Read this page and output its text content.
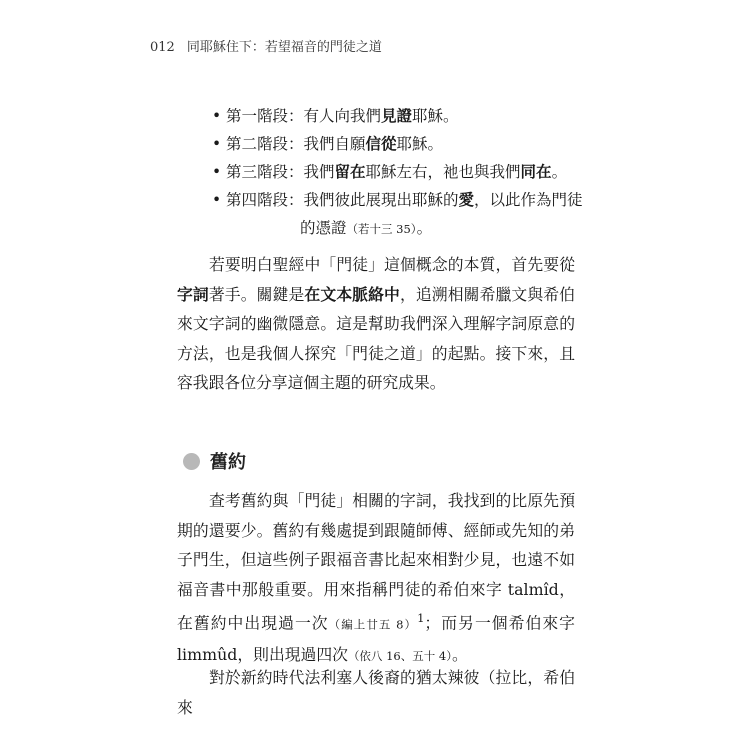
012 同耶穌住下：若望福音的門徒之道
• 第一階段：有人向我們見證耶穌。
• 第二階段：我們自願信從耶穌。
• 第三階段：我們留在耶穌左右，祂也與我們同在。
• 第四階段：我們彼此展現出耶穌的愛，以此作為門徒
的憑證（若十三 35）。

若要明白聖經中「門徒」這個概念的本質，首先要從字詞著手。關鍵是在文本脈絡中，追溯相關希臘文與希伯來文字詞的幽微隱意。這是幫助我們深入理解字詞原意的方法，也是我個人探究「門徒之道」的起點。接下來，且容我跟各位分享這個主題的研究成果。

舊約

查考舊約與「門徒」相關的字詞，我找到的比原先預期的還要少。舊約有幾處提到跟隨師傅、經師或先知的弟子門生，但這些例子跟福音書比起來相對少見，也遠不如福音書中那般重要。用來指稱門徒的希伯來字 talmîd，在舊約中出現過一次（編上廿五 8）$^1$；而另一個希伯來字 limmûd，則出現過四次（依八 16、五十 4）。

對於新約時代法利塞人後裔的猶太辣彼（拉比，希伯來
